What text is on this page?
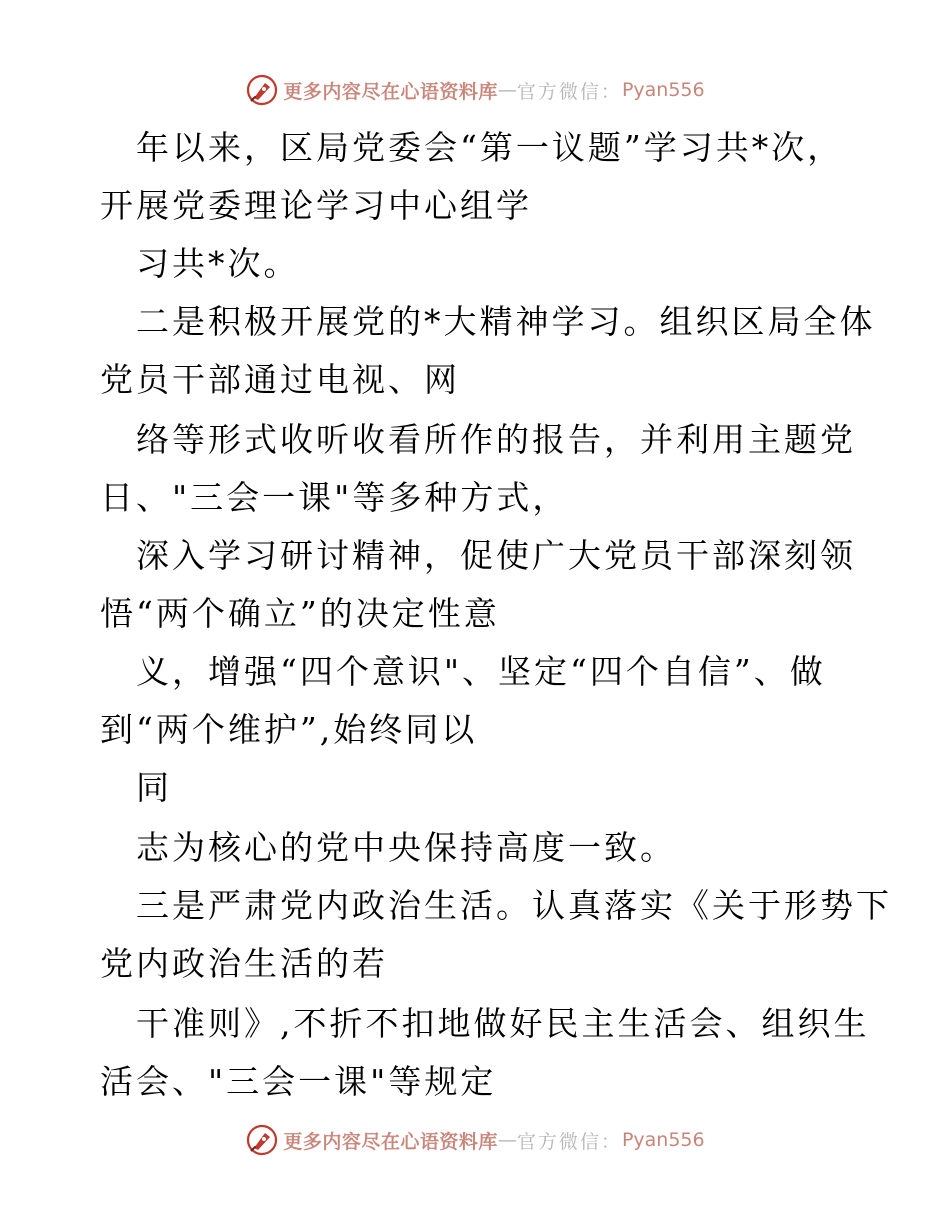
更多内容尽在心语资料库 — 官方微信： Pyan556
年以来，区局党委会“第一议题”学习共*次，
开展党委理论学习中心组学
习共*次。
二是积极开展党的*大精神学习。组织区局全体
党员干部通过电视、网
络等形式收听收看所作的报告，并利用主题党
日、"三会一课"等多种方式，
深入学习研讨精神，促使广大党员干部深刻领
悟“两个确立”的决定性意
义，增强“四个意识"、坚定“四个自信”、做
到“两个维护”,始终同以
同
志为核心的党中央保持高度一致。
三是严肃党内政治生活。认真落实《关于形势下
党内政治生活的若
干准则》,不折不扣地做好民主生活会、组织生
活会、"三会一课"等规定
更多内容尽在心语资料库 — 官方微信： Pyan556
